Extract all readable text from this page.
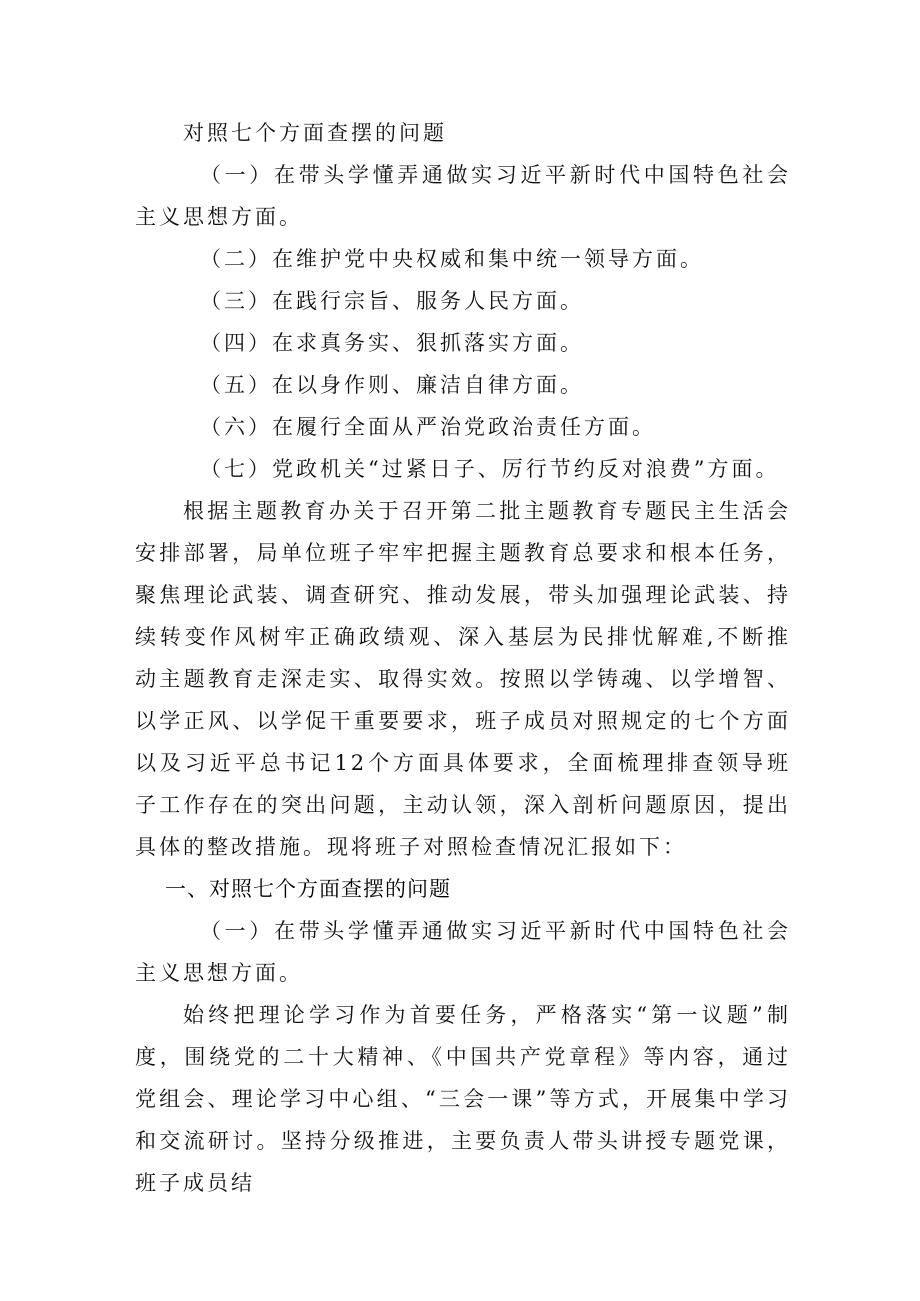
对照七个方面查摆的问题

（一）在带头学懂弄通做实习近平新时代中国特色社会主义思想方面。

（二）在维护党中央权威和集中统一领导方面。

（三）在践行宗旨、服务人民方面。

（四）在求真务实、狠抓落实方面。

（五）在以身作则、廉洁自律方面。

（六）在履行全面从严治党政治责任方面。

（七）党政机关“过紧日子、厉行节约反对浪费”方面。

根据主题教育办关于召开第二批主题教育专题民主生活会安排部署，局单位班子牢牢把握主题教育总要求和根本任务，聚焦理论武装、调查研究、推动发展，带头加强理论武装、持续转变作风树牢正确政绩观、深入基层为民排忧解难,不断推动主题教育走深走实、取得实效。按照以学铸魂、以学增智、以学正风、以学促干重要要求，班子成员对照规定的七个方面以及习近平总书记12个方面具体要求，全面梳理排查领导班子工作存在的突出问题，主动认领，深入剖析问题原因，提出具体的整改措施。现将班子对照检查情况汇报如下：

一、对照七个方面查摆的问题

（一）在带头学懂弄通做实习近平新时代中国特色社会主义思想方面。

始终把理论学习作为首要任务，严格落实“第一议题”制度，围绕党的二十大精神、《中国共产党章程》等内容，通过党组会、理论学习中心组、“三会一课”等方式，开展集中学习和交流研讨。坚持分级推进，主要负责人带头讲授专题党课，班子成员结
